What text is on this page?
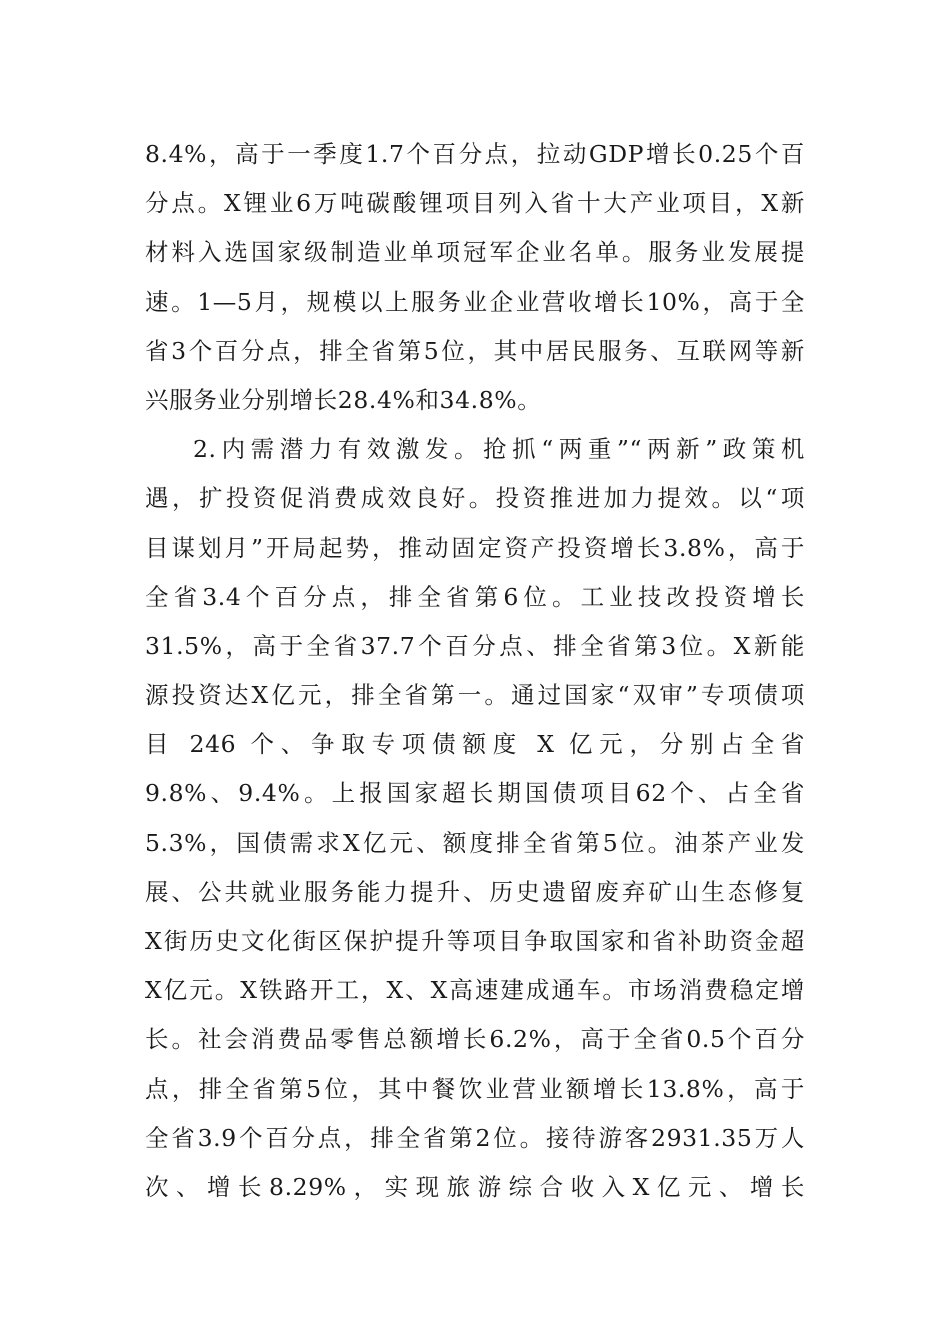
8.4%，高于一季度1.7个百分点，拉动GDP增长0.25个百
分点。X锂业6万吨碳酸锂项目列入省十大产业项目，X新
材料入选国家级制造业单项冠军企业名单。服务业发展提
速。1—5月，规模以上服务业企业营收增长10%，高于全
省3个百分点，排全省第5位，其中居民服务、互联网等新
兴服务业分别增长28.4%和34.8%。
2.内需潜力有效激发。抢抓“两重”“两新”政策机
遇，扩投资促消费成效良好。投资推进加力提效。以“项
目谋划月”开局起势，推动固定资产投资增长3.8%，高于
全省3.4个百分点，排全省第6位。工业技改投资增长
31.5%，高于全省37.7个百分点、排全省第3位。X新能
源投资达X亿元，排全省第一。通过国家“双审”专项债项
目 246 个、争取专项债额度 X 亿元，分别占全省
9.8%、9.4%。上报国家超长期国债项目62个、占全省
5.3%，国债需求X亿元、额度排全省第5位。油茶产业发
展、公共就业服务能力提升、历史遗留废弃矿山生态修复
X街历史文化街区保护提升等项目争取国家和省补助资金超
X亿元。X铁路开工，X、X高速建成通车。市场消费稳定增
长。社会消费品零售总额增长6.2%，高于全省0.5个百分
点，排全省第5位，其中餐饮业营业额增长13.8%，高于
全省3.9个百分点，排全省第2位。接待游客2931.35万人
次、增长8.29%，实现旅游综合收入X亿元、增长
